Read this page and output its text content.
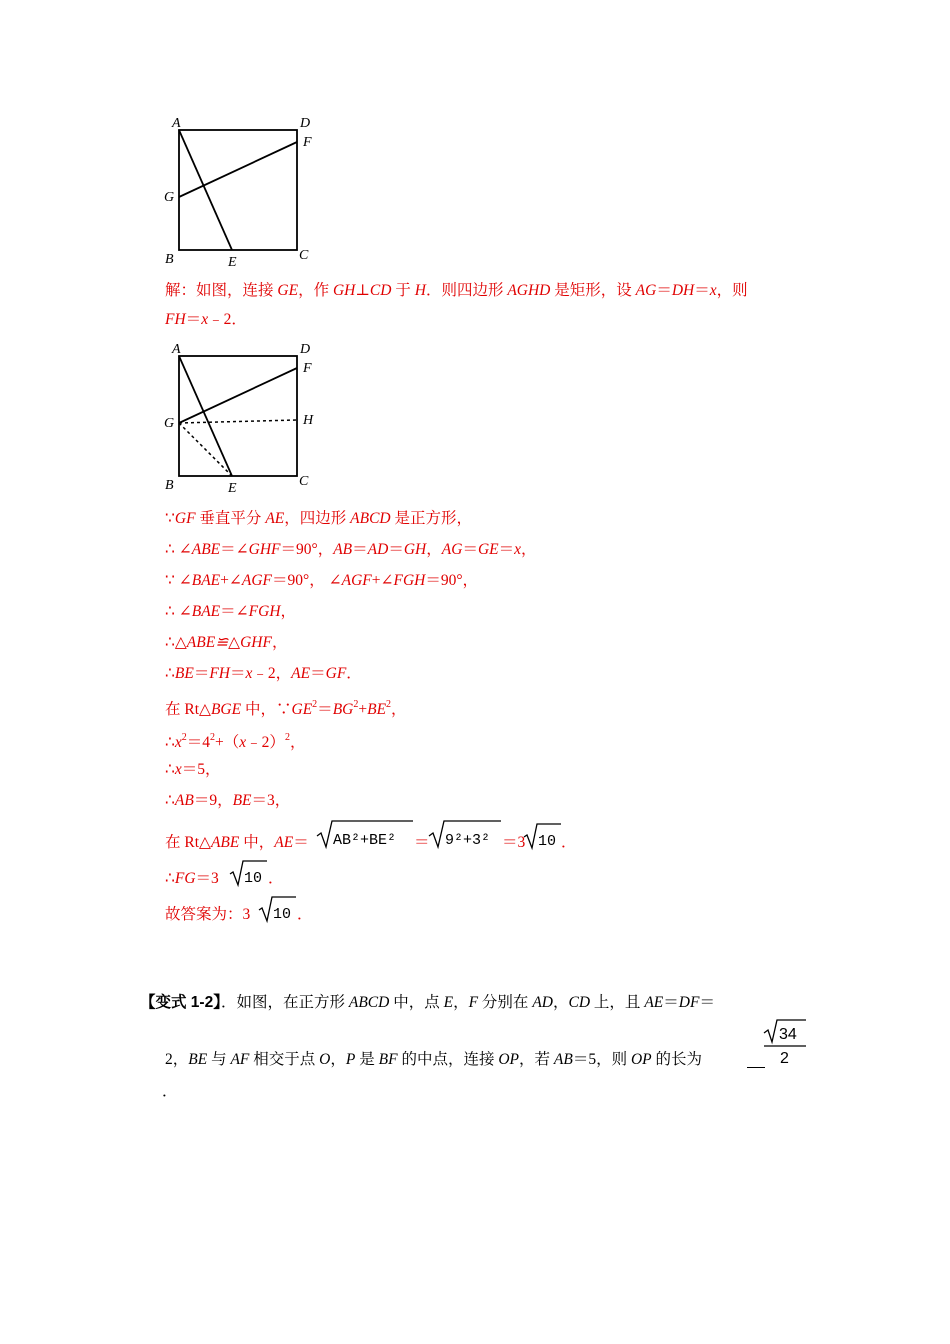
A	D
F
G
B	E	C
解：如图，连接 GE，作 GH⊥CD 于 H．则四边形 AGHD 是矩形，设 AG＝DH＝x，则
FH＝x﹣2．
A	D
F
G	H
B	E	C
∵GF 垂直平分 AE，四边形 ABCD 是正方形，
∴ ∠ABE＝∠GHF＝90°，AB＝AD＝GH，AG＝GE＝x，
∵ ∠BAE+∠AGF＝90°， ∠AGF+∠FGH＝90°，
∴ ∠BAE＝∠FGH，
∴△ABE≌△GHF，
∴BE＝FH＝x﹣2，AE＝GF．
在 Rt△BGE 中，$\because GE^2=BG^2+BE^2$，
$\therefore x^2=4^2+(x﹣2)^2$，
∴x＝5，
∴AB＝9，BE＝3，
在 Rt△ABE 中，AE＝ AB²+BE² ＝ 9²+3² ＝3 10 ．
∴FG＝3 10 ．
故答案为：3 10 ．
【变式 1-2】．如图，在正方形 ABCD 中，点 E，F 分别在 AD，CD 上，且 AE＝DF＝
2，BE 与 AF 相交于点 O，P 是 BF 的中点，连接 OP，若 AB＝5，则 OP 的长为
34
2
．
